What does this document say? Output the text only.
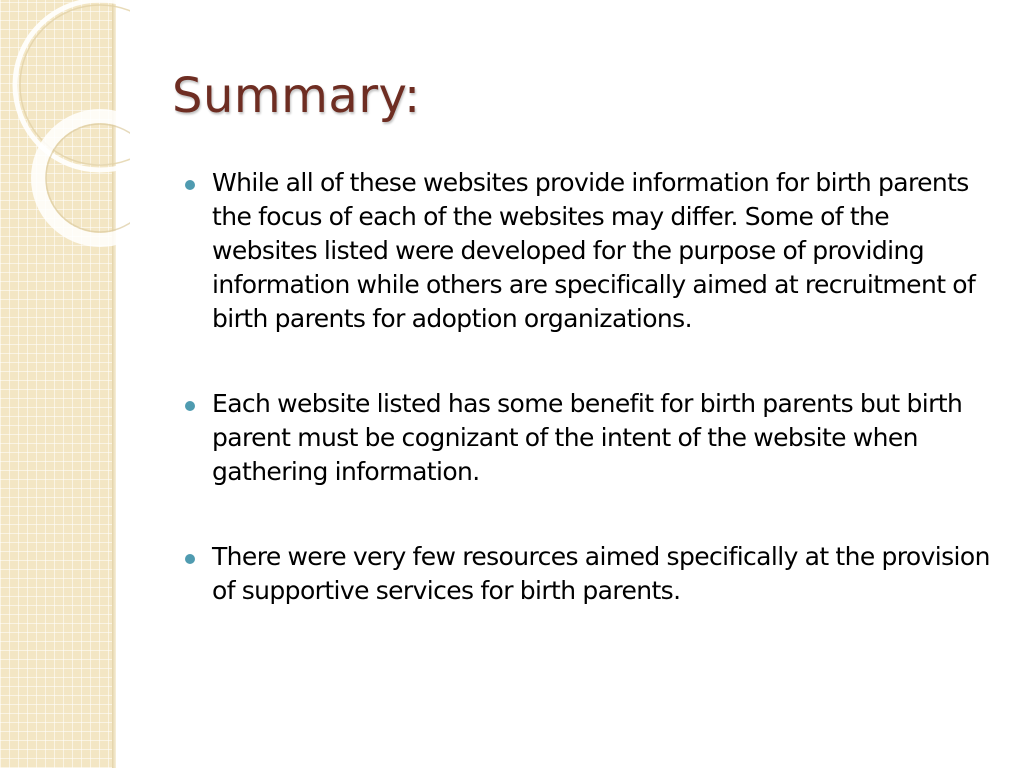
Summary:
While all of these websites provide information for birth parents the focus of each of the websites may differ. Some of the websites listed were developed for the purpose of providing information while others are specifically aimed at recruitment of birth parents for adoption organizations.
Each website listed has some benefit for birth parents but birth parent must be cognizant of the intent of the website when gathering information.
There were very few resources aimed specifically at the provision of supportive services for birth parents.
